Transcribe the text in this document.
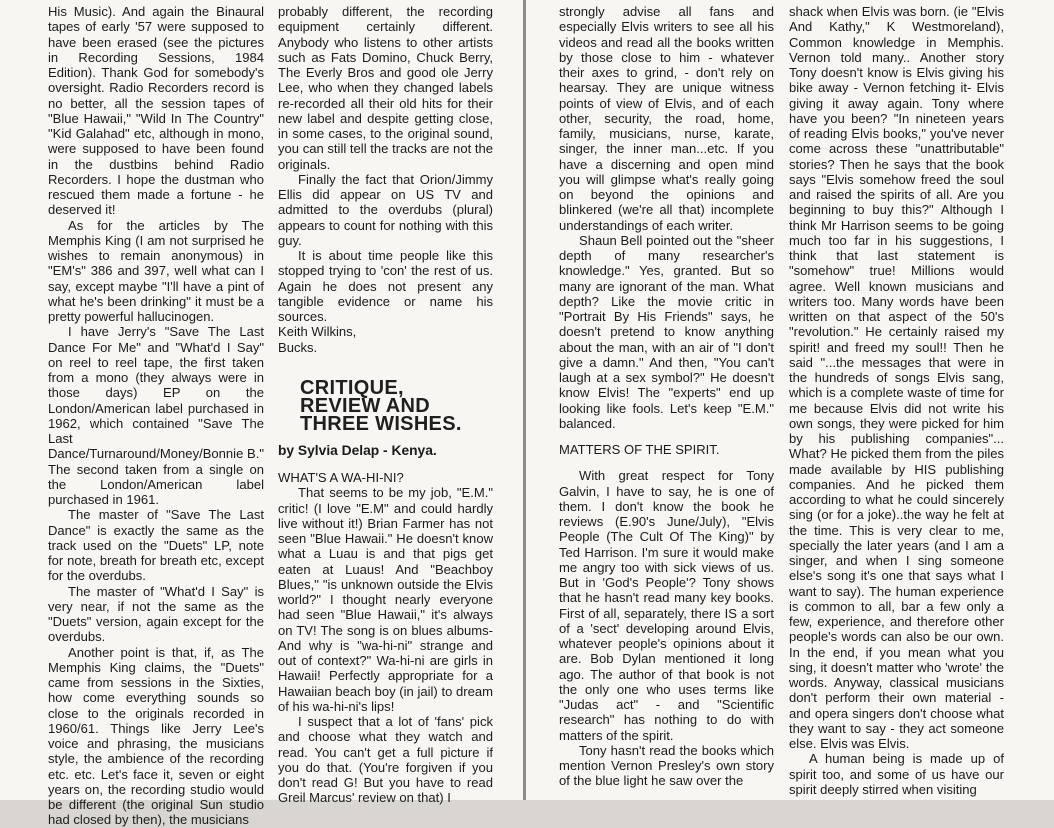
His Music). And again the Binaural tapes of early '57 were supposed to have been erased (see the pictures in Recording Sessions, 1984 Edition). Thank God for somebody's oversight. Radio Recorders record is no better, all the session tapes of "Blue Hawaii," "Wild In The Country" "Kid Galahad" etc, although in mono, were supposed to have been found in the dustbins behind Radio Recorders. I hope the dustman who rescued them made a fortune - he deserved it!

As for the articles by The Memphis King (I am not surprised he wishes to remain anonymous) in "EM's" 386 and 397, well what can I say, except maybe "I'll have a pint of what he's been drinking" it must be a pretty powerful hallucinogen.

I have Jerry's "Save The Last Dance For Me" and "What'd I Say" on reel to reel tape, the first taken from a mono (they always were in those days) EP on the London/American label purchased in 1962, which contained "Save The Last Dance/Turnaround/Money/Bonnie B." The second taken from a single on the London/American label purchased in 1961.

The master of "Save The Last Dance" is exactly the same as the track used on the "Duets" LP, note for note, breath for breath etc, except for the overdubs.

The master of "What'd I Say" is very near, if not the same as the "Duets" version, again except for the overdubs.

Another point is that, if, as The Memphis King claims, the "Duets" came from sessions in the Sixties, how come everything sounds so close to the originals recorded in 1960/61. Things like Jerry Lee's voice and phrasing, the musicians style, the ambience of the recording etc. etc. Let's face it, seven or eight years on, the recording studio would be different (the original Sun studio had closed by then), the musicians

probably different, the recording equipment certainly different. Anybody who listens to other artists such as Fats Domino, Chuck Berry, The Everly Bros and good ole Jerry Lee, who when they changed labels re-recorded all their old hits for their new label and despite getting close, in some cases, to the original sound, you can still tell the tracks are not the originals.

Finally the fact that Orion/Jimmy Ellis did appear on US TV and admitted to the overdubs (plural) appears to count for nothing with this guy.

It is about time people like this stopped trying to 'con' the rest of us. Again he does not present any tangible evidence or name his sources.

Keith Wilkins,

Bucks.

CRITIQUE,
REVIEW AND
THREE WISHES.
by Sylvia Delap - Kenya.

WHAT'S A WA-HI-NI?

That seems to be my job, "E.M." critic! (I love "E.M" and could hardly live without it!) Brian Farmer has not seen "Blue Hawaii." He doesn't know what a Luau is and that pigs get eaten at Luaus! And "Beachboy Blues," "is unknown outside the Elvis world?" I thought nearly everyone had seen "Blue Hawaii," it's always on TV! The song is on blues albums- And why is "wa-hi-ni" strange and out of context?" Wa-hi-ni are girls in Hawaii! Perfectly appropriate for a Hawaiian beach boy (in jail) to dream of his wa-hi-ni's lips!

I suspect that a lot of 'fans' pick and choose what they watch and read. You can't get a full picture if you do that. (You're forgiven if you don't read G! But you have to read Greil Marcus' review on that) I

strongly advise all fans and especially Elvis writers to see all his videos and read all the books written by those close to him - whatever their axes to grind, - don't rely on hearsay. They are unique witness points of view of Elvis, and of each other, security, the road, home, family, musicians, nurse, karate, singer, the inner man...etc. If you have a discerning and open mind you will glimpse what's really going on beyond the opinions and blinkered (we're all that) incomplete understandings of each writer.

Shaun Bell pointed out the "sheer depth of many researcher's knowledge." Yes, granted. But so many are ignorant of the man. What depth? Like the movie critic in "Portrait By His Friends" says, he doesn't pretend to know anything about the man, with an air of "I don't give a damn." And then, "You can't laugh at a sex symbol?" He doesn't know Elvis! The "experts" end up looking like fools. Let's keep "E.M." balanced.

MATTERS OF THE SPIRIT.

With great respect for Tony Galvin, I have to say, he is one of them. I don't know the book he reviews (E.90's June/July), "Elvis People (The Cult Of The King)" by Ted Harrison. I'm sure it would make me angry too with sick views of us. But in 'God's People'? Tony shows that he hasn't read many key books. First of all, separately, there IS a sort of a 'sect' developing around Elvis, whatever people's opinions about it are. Bob Dylan mentioned it long ago. The author of that book is not the only one who uses terms like "Judas act" - and "Scientific research" has nothing to do with matters of the spirit.

Tony hasn't read the books which mention Vernon Presley's own story of the blue light he saw over the

shack when Elvis was born. (ie "Elvis And Kathy," K Westmoreland), Common knowledge in Memphis. Vernon told many.. Another story Tony doesn't know is Elvis giving his bike away - Vernon fetching it- Elvis giving it away again. Tony where have you been? "In nineteen years of reading Elvis books," you've never come across these "unattributable" stories? Then he says that the book says "Elvis somehow freed the soul and raised the spirits of all. Are you beginning to buy this?" Although I think Mr Harrison seems to be going much too far in his suggestions, I think that last statement is "somehow" true! Millions would agree. Well known musicians and writers too. Many words have been written on that aspect of the 50's "revolution." He certainly raised my spirit! and freed my soul!! Then he said "...the messages that were in the hundreds of songs Elvis sang, which is a complete waste of time for me because Elvis did not write his own songs, they were picked for him by his publishing companies"... What? He picked them from the piles made available by HIS publishing companies. And he picked them according to what he could sincerely sing (or for a joke)..the way he felt at the time. This is very clear to me, specially the later years (and I am a singer, and when I sing someone else's song it's one that says what I want to say). The human experience is common to all, bar a few only a few, experience, and therefore other people's words can also be our own. In the end, if you mean what you sing, it doesn't matter who 'wrote' the words. Anyway, classical musicians don't perform their own material - and opera singers don't choose what they want to say - they act someone else. Elvis was Elvis.

A human being is made up of spirit too, and some of us have our spirit deeply stirred when visiting
